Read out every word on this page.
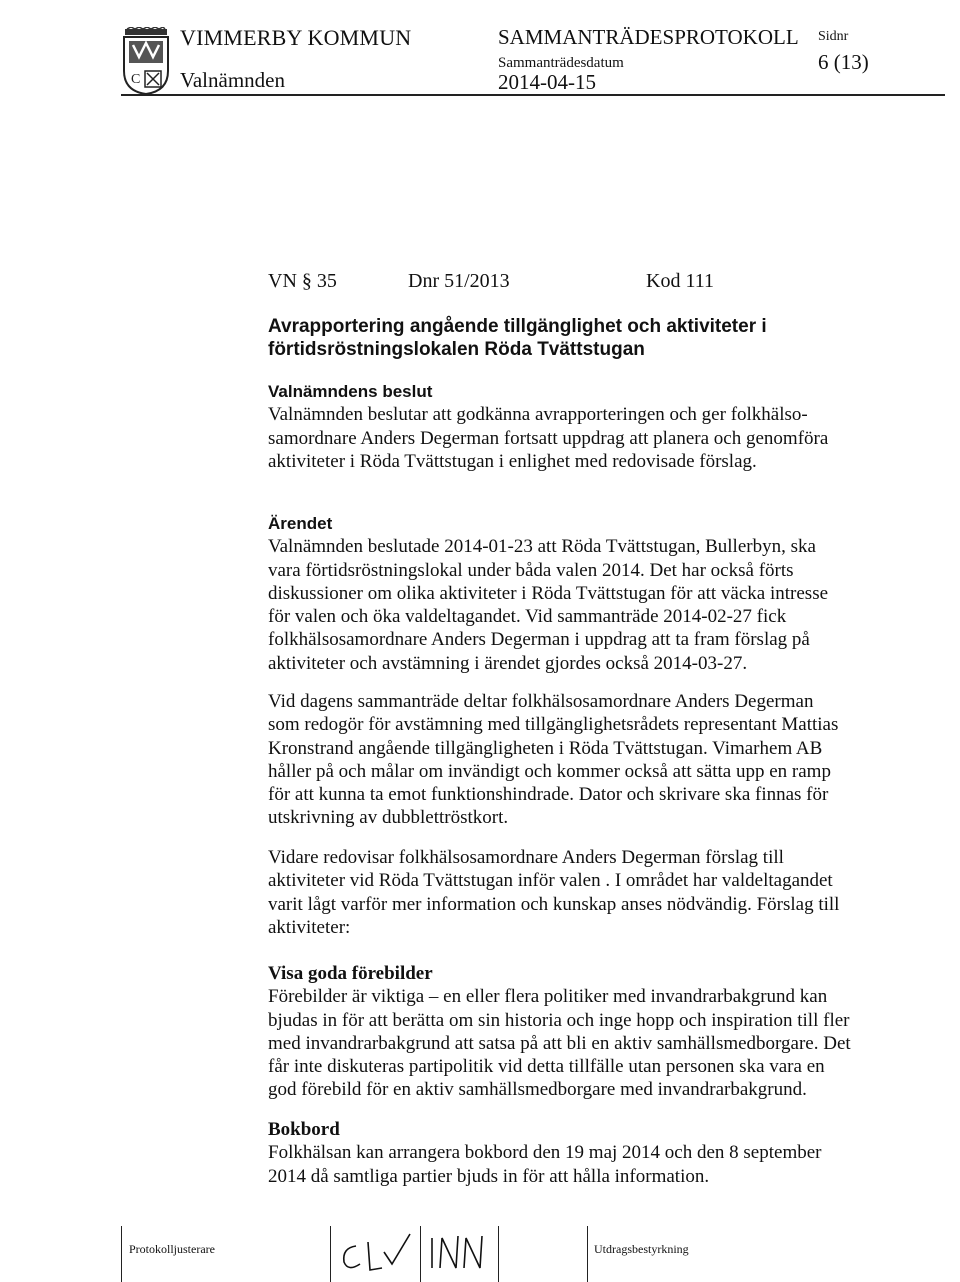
C
VIMMERBY KOMMUN
Valnämnden
SAMMANTRÄDESPROTOKOLL
Sammanträdesdatum
2014-04-15
Sidnr
6 (13)
VN § 35	Dnr 51/2013	Kod 111
Avrapportering angående tillgänglighet och aktiviteter i
förtidsröstningslokalen Röda Tvättstugan
Valnämndens beslut
Valnämnden beslutar att godkänna avrapporteringen och ger folkhälso-
samordnare Anders Degerman fortsatt uppdrag att planera och genomföra
aktiviteter i Röda Tvättstugan i enlighet med redovisade förslag.
Ärendet
Valnämnden beslutade 2014-01-23 att Röda Tvättstugan, Bullerbyn, ska
vara förtidsröstningslokal under båda valen 2014. Det har också förts
diskussioner om olika aktiviteter i Röda Tvättstugan för att väcka intresse
för valen och öka valdeltagandet. Vid sammanträde 2014-02-27 fick
folkhälsosamordnare Anders Degerman i uppdrag att ta fram förslag på
aktiviteter och avstämning i ärendet gjordes också 2014-03-27.
Vid dagens sammanträde deltar folkhälsosamordnare Anders Degerman
som redogör för avstämning med tillgänglighetsrådets representant Mattias
Kronstrand angående tillgängligheten i Röda Tvättstugan. Vimarhem AB
håller på och målar om invändigt och kommer också att sätta upp en ramp
för att kunna ta emot funktionshindrade. Dator och skrivare ska finnas för
utskrivning av dubblettröstkort.
Vidare redovisar folkhälsosamordnare Anders Degerman förslag till
aktiviteter vid Röda Tvättstugan inför valen . I området har valdeltagandet
varit lågt varför mer information och kunskap anses nödvändig. Förslag till
aktiviteter:
Visa goda förebilder
Förebilder är viktiga – en eller flera politiker med invandrarbakgrund kan
bjudas in för att berätta om sin historia och inge hopp och inspiration till fler
med invandrarbakgrund att satsa på att bli en aktiv samhällsmedborgare. Det
får inte diskuteras partipolitik vid detta tillfälle utan personen ska vara en
god förebild för en aktiv samhällsmedborgare med invandrarbakgrund.
Bokbord
Folkhälsan kan arrangera bokbord den 19 maj 2014 och den 8 september
2014 då samtliga partier bjuds in för att hålla information.
Protokolljusterare	Utdragsbestyrkning
